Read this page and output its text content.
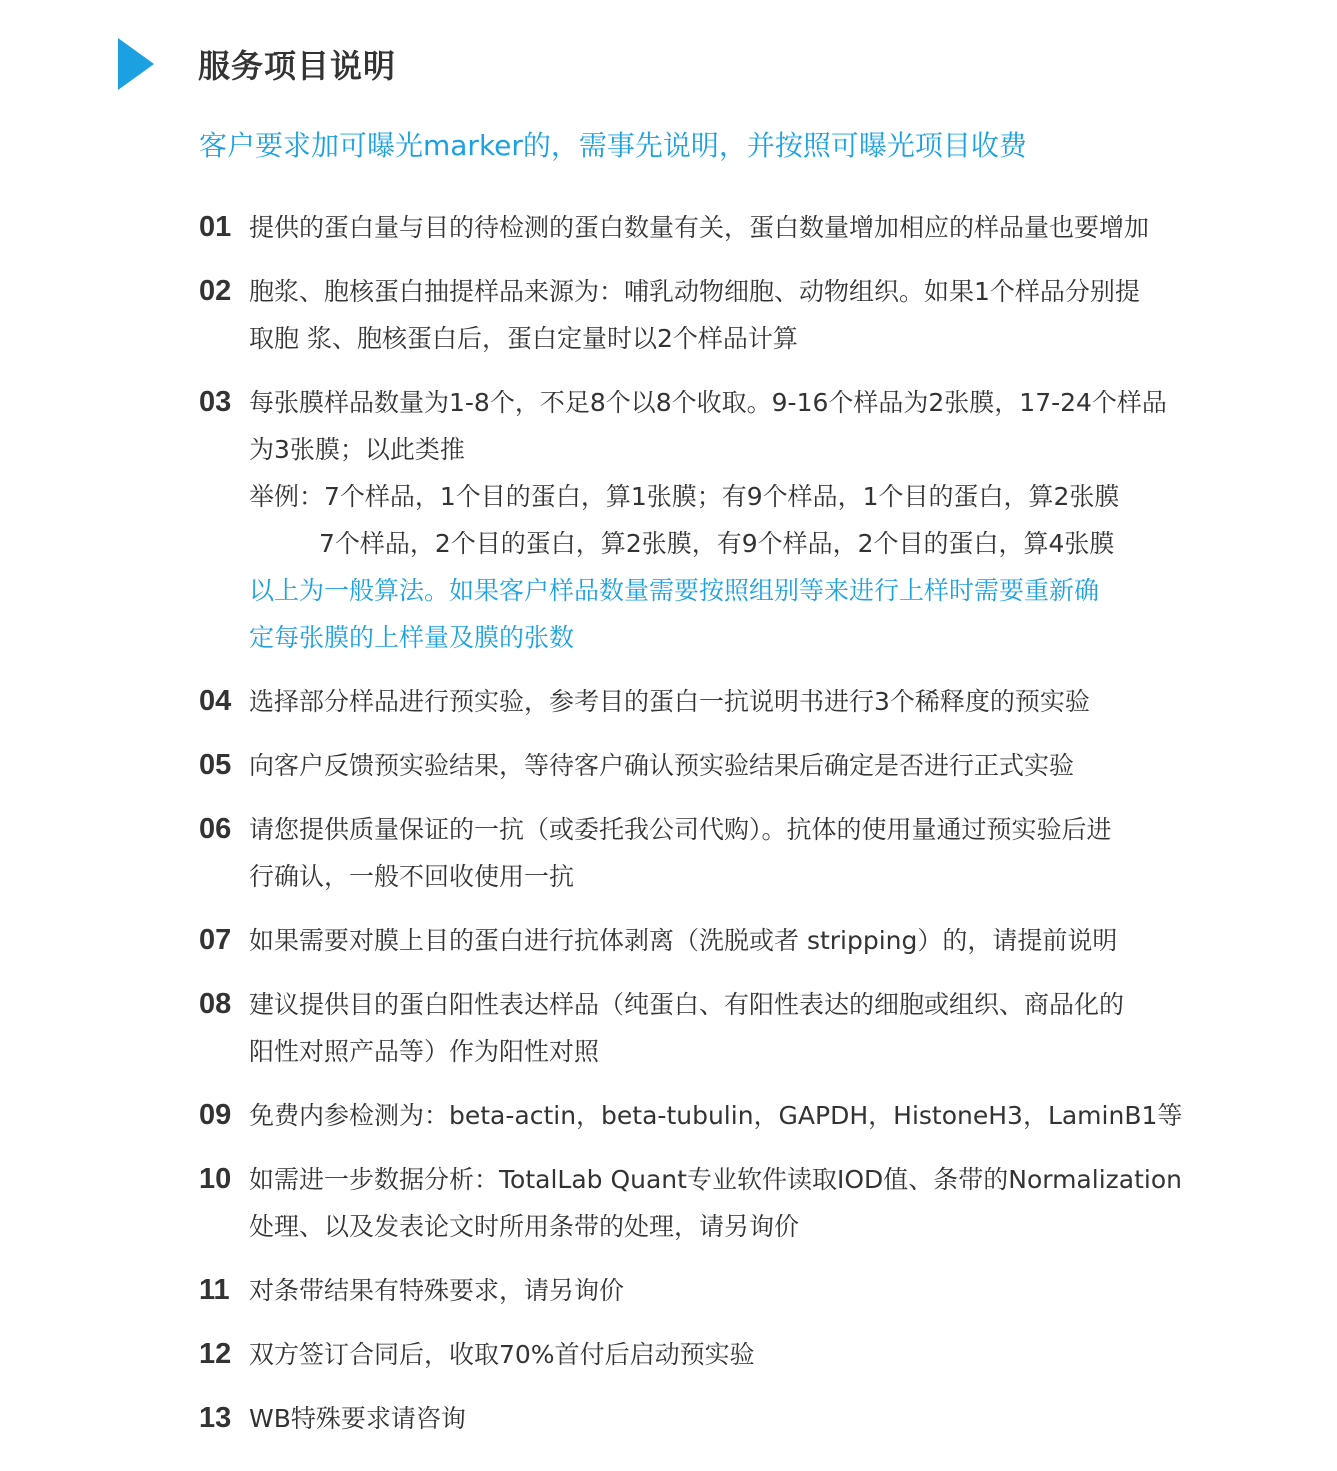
服务项目说明
客户要求加可曝光marker的，需事先说明，并按照可曝光项目收费
01 提供的蛋白量与目的待检测的蛋白数量有关，蛋白数量增加相应的样品量也要增加
02 胞浆、胞核蛋白抽提样品来源为：哺乳动物细胞、动物组织。如果1个样品分别提
取胞 浆、胞核蛋白后，蛋白定量时以2个样品计算
03 每张膜样品数量为1-8个，不足8个以8个收取。9-16个样品为2张膜，17-24个样品
为3张膜；以此类推
举例：7个样品，1个目的蛋白，算1张膜；有9个样品，1个目的蛋白，算2张膜
7个样品，2个目的蛋白，算2张膜，有9个样品，2个目的蛋白，算4张膜
以上为一般算法。如果客户样品数量需要按照组别等来进行上样时需要重新确
定每张膜的上样量及膜的张数
04 选择部分样品进行预实验，参考目的蛋白一抗说明书进行3个稀释度的预实验
05 向客户反馈预实验结果，等待客户确认预实验结果后确定是否进行正式实验
06 请您提供质量保证的一抗（或委托我公司代购）。抗体的使用量通过预实验后进
行确认，一般不回收使用一抗
07 如果需要对膜上目的蛋白进行抗体剥离（洗脱或者 stripping）的，请提前说明
08 建议提供目的蛋白阳性表达样品（纯蛋白、有阳性表达的细胞或组织、商品化的
阳性对照产品等）作为阳性对照
09 免费内参检测为：beta-actin，beta-tubulin，GAPDH，HistoneH3，LaminB1等
10 如需进一步数据分析：TotalLab Quant专业软件读取IOD值、条带的Normalization
处理、以及发表论文时所用条带的处理，请另询价
11 对条带结果有特殊要求，请另询价
12 双方签订合同后，收取70%首付后启动预实验
13 WB特殊要求请咨询
